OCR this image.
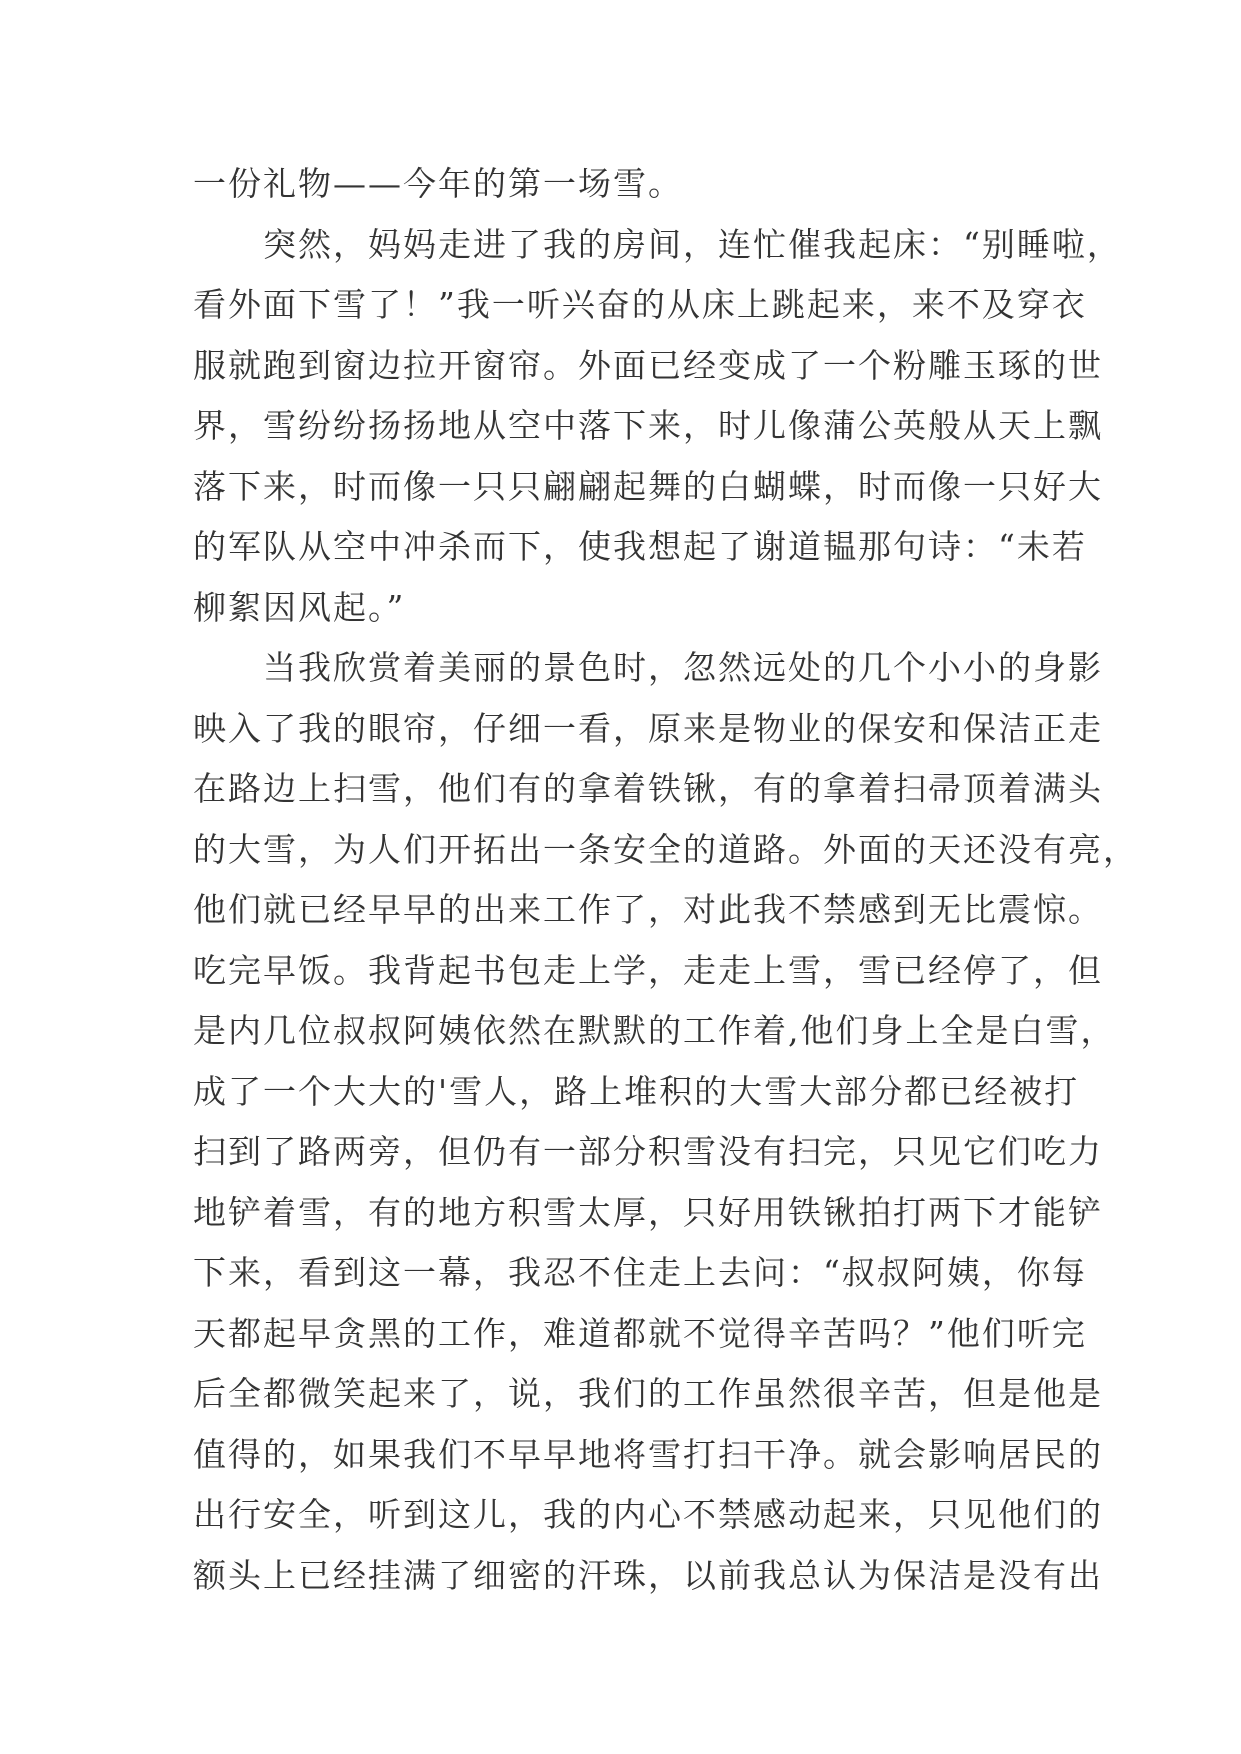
一份礼物——今年的第一场雪。
　　突然，妈妈走进了我的房间，连忙催我起床：“别睡啦，
看外面下雪了！”我一听兴奋的从床上跳起来，来不及穿衣
服就跑到窗边拉开窗帘。外面已经变成了一个粉雕玉琢的世
界，雪纷纷扬扬地从空中落下来，时儿像蒲公英般从天上飘
落下来，时而像一只只翩翩起舞的白蝴蝶，时而像一只好大
的军队从空中冲杀而下，使我想起了谢道韫那句诗：“未若
柳絮因风起。”
　　当我欣赏着美丽的景色时，忽然远处的几个小小的身影
映入了我的眼帘，仔细一看，原来是物业的保安和保洁正走
在路边上扫雪，他们有的拿着铁锹，有的拿着扫帚顶着满头
的大雪，为人们开拓出一条安全的道路。外面的天还没有亮，
他们就已经早早的出来工作了，对此我不禁感到无比震惊。
吃完早饭。我背起书包走上学，走走上雪，雪已经停了，但
是内几位叔叔阿姨依然在默默的工作着,他们身上全是白雪，
成了一个大大的'雪人，路上堆积的大雪大部分都已经被打
扫到了路两旁，但仍有一部分积雪没有扫完，只见它们吃力
地铲着雪，有的地方积雪太厚，只好用铁锹拍打两下才能铲
下来，看到这一幕，我忍不住走上去问：“叔叔阿姨，你每
天都起早贪黑的工作，难道都就不觉得辛苦吗？”他们听完
后全都微笑起来了，说，我们的工作虽然很辛苦，但是他是
值得的，如果我们不早早地将雪打扫干净。就会影响居民的
出行安全，听到这儿，我的内心不禁感动起来，只见他们的
额头上已经挂满了细密的汗珠，以前我总认为保洁是没有出
